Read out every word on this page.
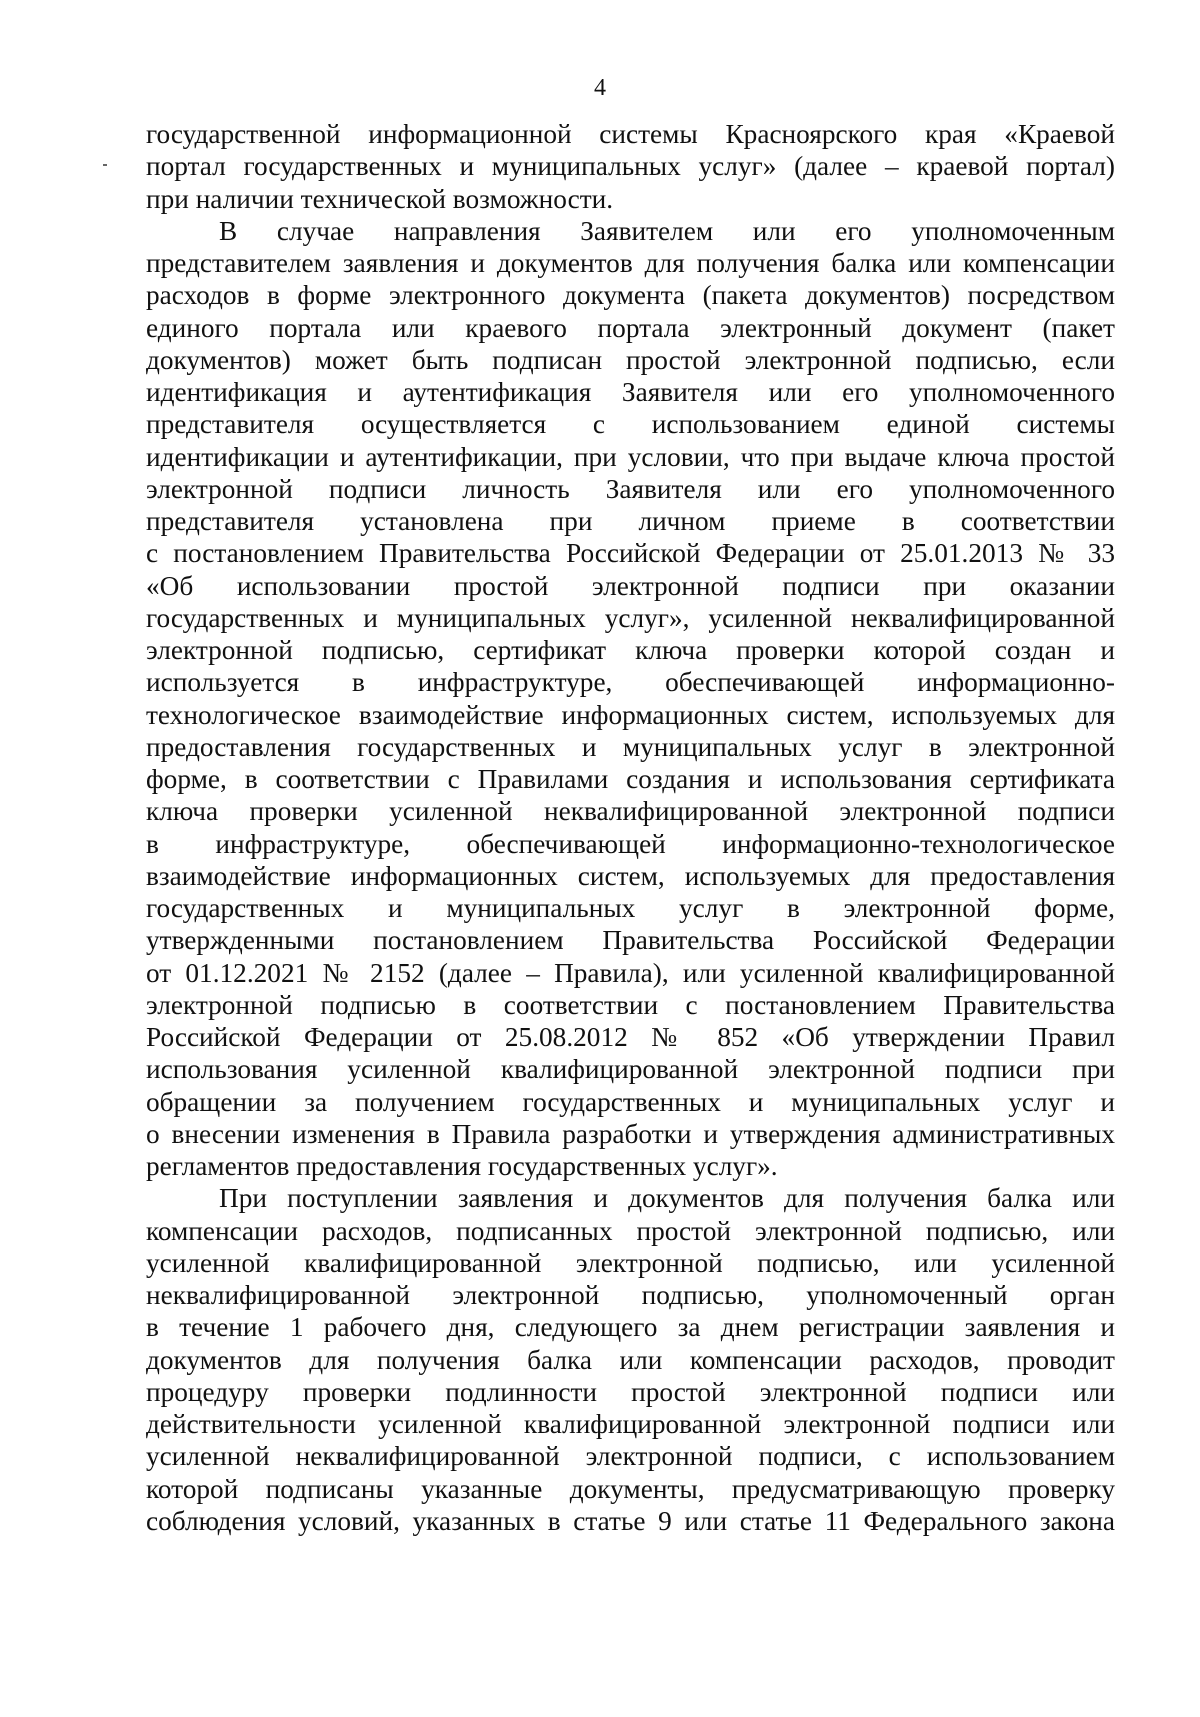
4
государственной информационной системы Красноярского края «Краевой
портал государственных и муниципальных услуг» (далее – краевой портал)
при наличии технической возможности.
В случае направления Заявителем или его уполномоченным
представителем заявления и документов для получения балка или компенсации
расходов в форме электронного документа (пакета документов) посредством
единого портала или краевого портала электронный документ (пакет
документов) может быть подписан простой электронной подписью, если
идентификация и аутентификация Заявителя или его уполномоченного
представителя осуществляется с использованием единой системы
идентификации и аутентификации, при условии, что при выдаче ключа простой
электронной подписи личность Заявителя или его уполномоченного
представителя установлена при личном приеме в соответствии
с постановлением Правительства Российской Федерации от 25.01.2013 № 33
«Об использовании простой электронной подписи при оказании
государственных и муниципальных услуг», усиленной неквалифицированной
электронной подписью, сертификат ключа проверки которой создан и
используется в инфраструктуре, обеспечивающей информационно-
технологическое взаимодействие информационных систем, используемых для
предоставления государственных и муниципальных услуг в электронной
форме, в соответствии с Правилами создания и использования сертификата
ключа проверки усиленной неквалифицированной электронной подписи
в инфраструктуре, обеспечивающей информационно-технологическое
взаимодействие информационных систем, используемых для предоставления
государственных и муниципальных услуг в электронной форме,
утвержденными постановлением Правительства Российской Федерации
от 01.12.2021 № 2152 (далее – Правила), или усиленной квалифицированной
электронной подписью в соответствии с постановлением Правительства
Российской Федерации от 25.08.2012 № 852 «Об утверждении Правил
использования усиленной квалифицированной электронной подписи при
обращении за получением государственных и муниципальных услуг и
о внесении изменения в Правила разработки и утверждения административных
регламентов предоставления государственных услуг».
При поступлении заявления и документов для получения балка или
компенсации расходов, подписанных простой электронной подписью, или
усиленной квалифицированной электронной подписью, или усиленной
неквалифицированной электронной подписью, уполномоченный орган
в течение 1 рабочего дня, следующего за днем регистрации заявления и
документов для получения балка или компенсации расходов, проводит
процедуру проверки подлинности простой электронной подписи или
действительности усиленной квалифицированной электронной подписи или
усиленной неквалифицированной электронной подписи, с использованием
которой подписаны указанные документы, предусматривающую проверку
соблюдения условий, указанных в статье 9 или статье 11 Федерального закона
